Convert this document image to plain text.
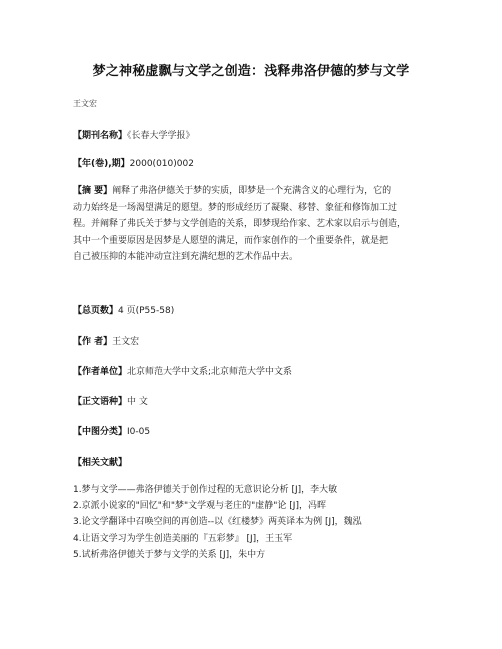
梦之神秘虚飘与文学之创造：浅释弗洛伊德的梦与文学
王文宏
【期刊名称】《长春大学学报》
【年(卷),期】2000(010)002
【摘 要】阐释了弗洛伊德关于梦的实质，即梦是一个充满含义的心理行为，它的
动力始终是一场渴望满足的愿望。梦的形成经历了凝聚、移替、象征和修饰加工过
程。并阐释了弗氏关于梦与文学创造的关系，即梦现给作家、艺术家以启示与创造，
其中一个重要原因是因梦是人愿望的满足，而作家创作的一个重要条件，就是把
自己被压抑的本能冲动宣注到充满纪想的艺术作品中去。
【总页数】4 页(P55-58)
【作 者】王文宏
【作者单位】北京师范大学中文系;北京师范大学中文系
【正文语种】中 文
【中图分类】I0-05
【相关文献】
1.梦与文学——弗洛伊德关于创作过程的无意识论分析 [J]，李大敏
2.京派小说家的"回忆"和"梦"文学观与老庄的"虚静"论 [J]，冯晖
3.论文学翻译中召唤空间的再创造--以《红楼梦》两英译本为例 [J]，魏泓
4.让语文学习为学生创造美丽的『五彩梦』 [J]，王玉军
5.试析弗洛伊德关于梦与文学的关系 [J]，朱中方
